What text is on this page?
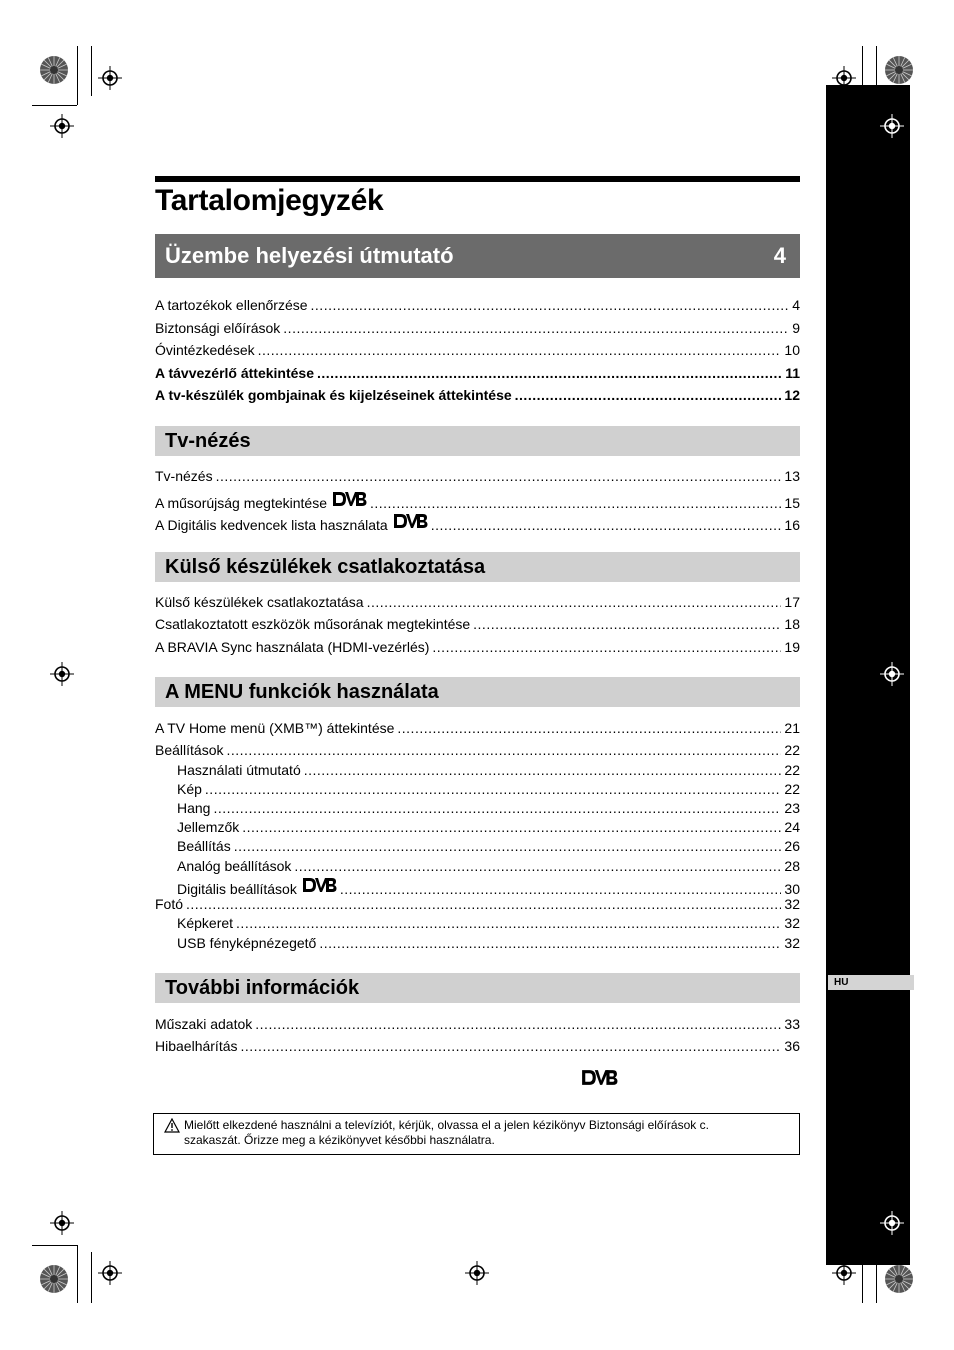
HU
Tartalomjegyzék
Üzembe helyezési útmutató	4
A tartozékok ellenőrzése .....	4
Biztonsági előírások .....	9
Óvintézkedések .....	10
A távvezérlő áttekintése .....	11
A tv-készülék gombjainak és kijelzéseinek áttekintése .....	12
Tv-nézés
Tv-nézés .....	13
A műsorújság megtekintése .....	15
A Digitális kedvencek lista használata .....	16
Külső készülékek csatlakoztatása
Külső készülékek csatlakoztatása .....	17
Csatlakoztatott eszközök műsorának megtekintése .....	18
A BRAVIA Sync használata (HDMI-vezérlés) .....	19
A MENU funkciók használata
A TV Home menü (XMB™) áttekintése .....	21
Beállítások .....	22
Használati útmutató .....	22
Kép .....	22
Hang .....	23
Jellemzők .....	24
Beállítás .....	26
Analóg beállítások .....	28
Digitális beállítások .....	30
Fotó .....	32
Képkeret .....	32
USB fényképnézegető .....	32
További információk
Műszaki adatok .....	33
Hibaelhárítás .....	36
Mielőtt elkezdené használni a televíziót, kérjük, olvassa el a jelen kézikönyv Biztonsági előírások c.
szakaszát. Őrizze meg a kézikönyvet későbbi használatra.
